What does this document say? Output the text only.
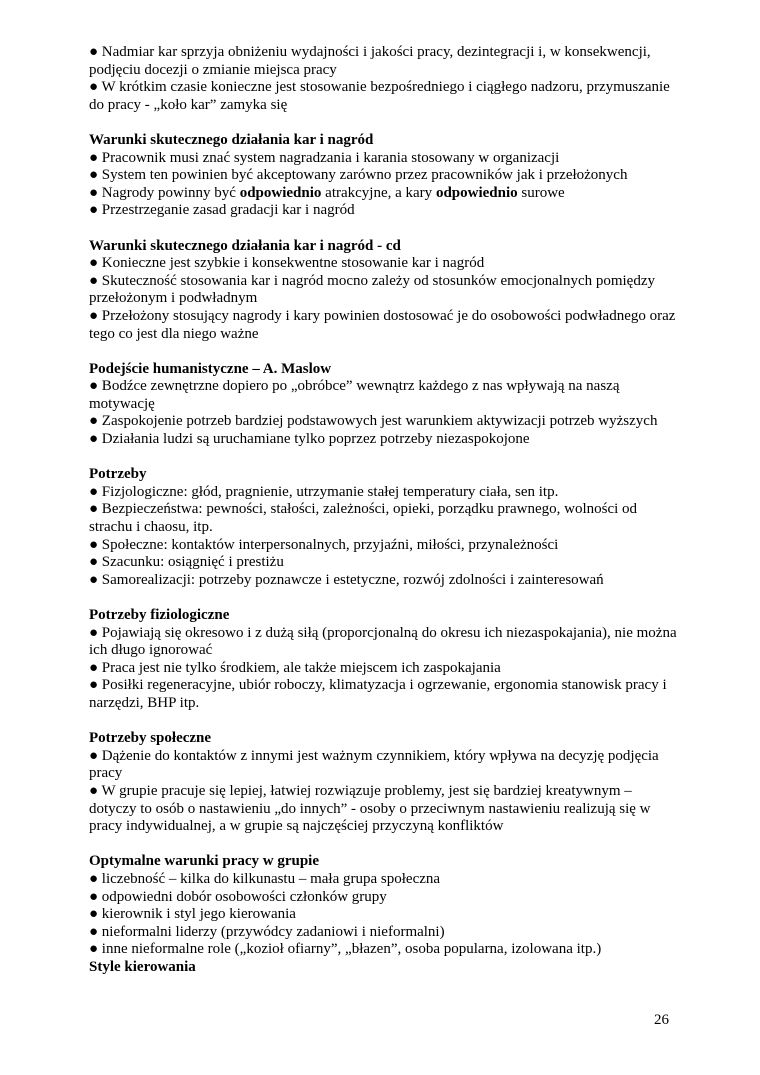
● Nadmiar kar sprzyja obniżeniu wydajności i jakości pracy, dezintegracji i, w konsekwencji, podjęciu docezji o zmianie miejsca pracy
● W krótkim czasie konieczne jest stosowanie bezpośredniego i ciągłego nadzoru, przymuszanie do pracy - „koło kar” zamyka się
Warunki skutecznego działania kar i nagród
● Pracownik musi znać system nagradzania i karania stosowany w organizacji
● System ten powinien być akceptowany zarówno przez pracowników jak i przełożonych
● Nagrody powinny być odpowiednio atrakcyjne, a kary odpowiednio surowe
● Przestrzeganie zasad gradacji kar i nagród
Warunki skutecznego działania kar i nagród - cd
● Konieczne jest szybkie i konsekwentne stosowanie kar i nagród
● Skuteczność stosowania kar i nagród mocno zależy od stosunków emocjonalnych pomiędzy przełożonym i podwładnym
● Przełożony stosujący nagrody i kary powinien dostosować je do osobowości podwładnego oraz tego co jest dla niego ważne
Podejście humanistyczne – A. Maslow
● Bodźce zewnętrzne dopiero po „obróbce” wewnątrz każdego z nas wpływają na naszą motywację
● Zaspokojenie potrzeb bardziej podstawowych jest warunkiem aktywizacji potrzeb wyższych
● Działania ludzi są uruchamiane tylko poprzez potrzeby niezaspokojone
Potrzeby
● Fizjologiczne: głód, pragnienie, utrzymanie stałej temperatury ciała, sen itp.
● Bezpieczeństwa: pewności, stałości, zależności, opieki, porządku prawnego, wolności od strachu i chaosu, itp.
● Społeczne: kontaktów interpersonalnych, przyjaźni, miłości, przynależności
● Szacunku: osiągnięć i prestiżu
● Samorealizacji: potrzeby poznawcze i estetyczne, rozwój zdolności i zainteresowań
Potrzeby fiziologiczne
● Pojawiają się okresowo i z dużą siłą (proporcjonalną do okresu ich niezaspokajania), nie można ich długo ignorować
● Praca jest nie tylko środkiem, ale także miejscem ich zaspokajania
● Posiłki regeneracyjne, ubiór roboczy, klimatyzacja i ogrzewanie, ergonomia stanowisk pracy i narzędzi, BHP itp.
Potrzeby społeczne
● Dążenie do kontaktów z innymi jest ważnym czynnikiem, który wpływa na decyzję podjęcia pracy
● W grupie pracuje się lepiej, łatwiej rozwiązuje problemy, jest się bardziej kreatywnym – dotyczy to osób o nastawieniu „do innych” - osoby o przeciwnym nastawieniu realizują się w pracy indywidualnej, a w grupie są najczęściej przyczyną konfliktów
Optymalne warunki pracy w grupie
● liczebność – kilka do kilkunastu – mała grupa społeczna
● odpowiedni dobór osobowości członków grupy
● kierownik i styl jego kierowania
● nieformalni liderzy (przywódcy zadaniowi i nieformalni)
● inne nieformalne role („kozioł ofiarny”, „błazen”, osoba popularna, izolowana itp.)
Style kierowania
26
